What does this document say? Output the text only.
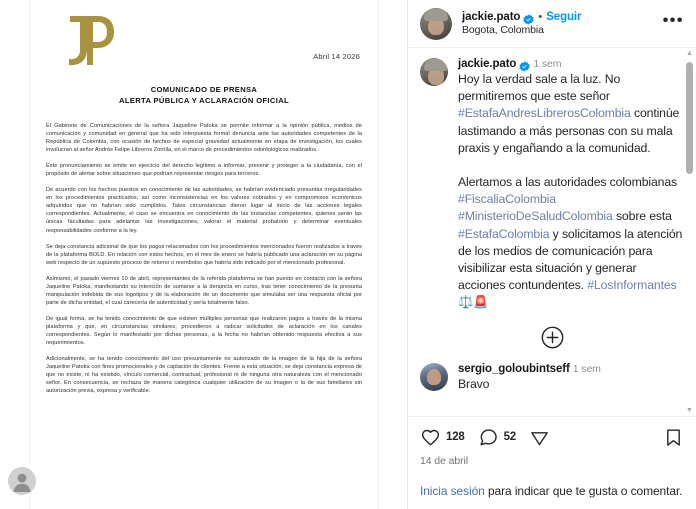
Abril 14 2026
COMUNICADO DE PRENSA
ALERTA PÚBLICA Y ACLARACIÓN OFICIAL

El Gabinete de Comunicaciones de la señora Jaqueline Patoka se permite informar a la opinión pública, medios de comunicación y comunidad en general que ha sido interpuesta formal denuncia ante las autoridades competentes de la República de Colombia, con ocasión de hechos de especial gravedad actualmente en etapa de investigación, los cuales involucran al señor Andrés Felipe Libreros Zorrilla, en el marco de procedimientos odontológicos realizados.

Este pronunciamiento se emite en ejercicio del derecho legítimo a informar, prevenir y proteger a la ciudadanía, con el propósito de alertar sobre situaciones que podrían representar riesgos para terceros.

De acuerdo con los hechos puestos en conocimiento de las autoridades, se habrían evidenciado presuntas irregularidades en los procedimientos practicados, así como inconsistencias en los valores cobrados y en compromisos económicos adquiridos que no habrían sido cumplidos. Tales circunstancias dieron lugar al inicio de las acciones legales correspondientes. Actualmente, el caso se encuentra en conocimiento de las instancias competentes, quienes serán las únicas facultadas para adelantar las investigaciones, valorar el material probatorio y determinar eventuales responsabilidades conforme a la ley.

Se deja constancia adicional de que los pagos relacionados con los procedimientos mencionados fueron realizados a través de la plataforma BOLD. En relación con estos hechos, en el mes de enero se habría publicado una aclaración en su página web respecto de un supuesto proceso de retorno o reembolso que habría sido indicado por el mencionado profesional.

Asimismo, el pasado viernes 10 de abril, representantes de la referida plataforma se han puesto en contacto con la señora Jaqueline Patoka, manifestando su intención de sumarse a la denuncia en curso, tras tener conocimiento de la presunta manipulación indebida de sus logotipos y de la elaboración de un documento que simulaba ser una respuesta oficial por parte de dicha entidad, el cual carecería de autenticidad y sería totalmente falso.

De igual forma, se ha tenido conocimiento de que existen múltiples personas que realizaron pagos a través de la misma plataforma y que, en circunstancias similares, procedieron a radicar solicitudes de aclaración en los canales correspondientes. Según lo manifestado por dichas personas, a la fecha no habrían obtenido respuesta efectiva a sus requerimientos.

Adicionalmente, se ha tenido conocimiento del uso presuntamente no autorizado de la imagen de la hija de la señora Jaqueline Patoka con fines promocionales y de captación de clientes. Frente a esta situación, se deja constancia expresa de que no existe, ni ha existido, vínculo comercial, contractual, profesional ni de ninguna otra naturaleza con el mencionado señor. En consecuencia, se rechaza de manera categórica cualquier utilización de su imagen o la de sus familiares sin autorización previa, expresa y verificable.

jackie.pato • Seguir
Bogota, Colombia
•••
jackie.pato 1 sem

Hoy la verdad sale a la luz. No permitiremos que este señor #EstafaAndresLibrerosColombia continúe lastimando a más personas con su mala praxis y engañando a la comunidad.

Alertamos a las autoridades colombianas #FiscaliaColombia #MinisterioDeSaludColombia sobre esta #EstafaColombia y solicitamos la atención de los medios de comunicación para visibilizar esta situación y generar acciones contundentes. #LosInformantes ⚖️🚨

sergio_goloubintseff 1 sem

Bravo

▲
▼
128	52
14 de abril
Inicia sesión para indicar que te gusta o comentar.
